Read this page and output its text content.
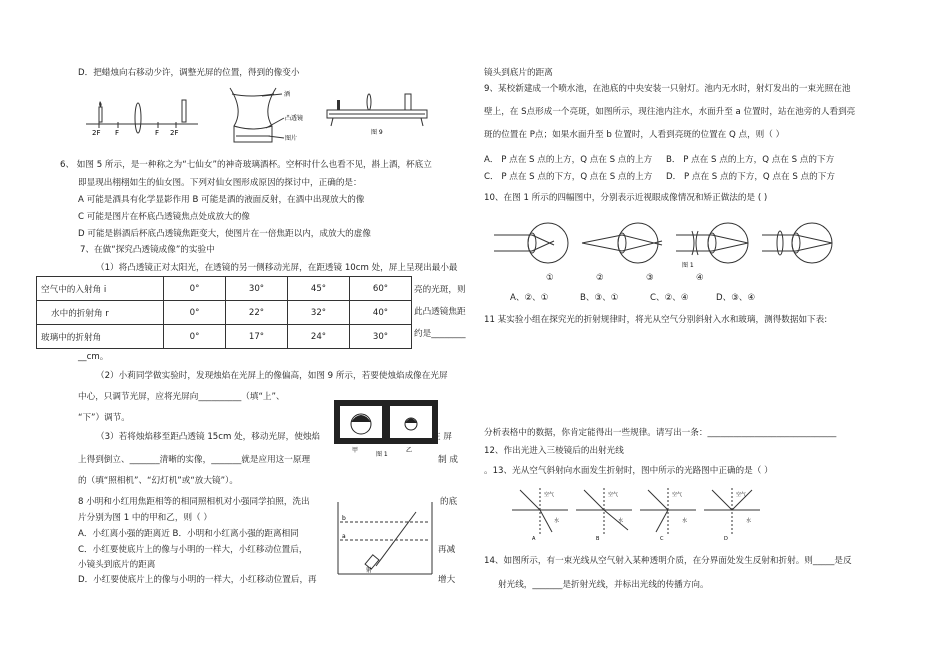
D．把蜡烛向右移动少许，调整光屏的位置，得到的像变小
2F F	F 2F
酒
凸透镜
图片
图 9
6、 如图 5 所示，是一种称之为“七仙女”的神奇玻璃酒杯。空杯时什么也看不见，斟上酒，杯底立
即显现出栩栩如生的仙女图。下列对仙女图形成原因的探讨中，正确的是：
A 可能是酒具有化学显影作用 B 可能是酒的液面反射，在酒中出现放大的像
C 可能是图片在杯底凸透镜焦点处成放大的像
D 可能是斟酒后杯底凸透镜焦距变大，使图片在一倍焦距以内，成放大的虚像
7、在做“探究凸透镜成像”的实验中
（1）将凸透镜正对太阳光，在透镜的另一侧移动光屏，在距透镜 10cm 处，屏上呈现出最小最
空气中的入射角 i	0°	30°	45°	60°
水中的折射角 r	0°	22°	32°	40°
玻璃中的折射角	0°	17°	24°	30°
亮的光斑，则
此凸透镜焦距
约是________
__cm。
（2）小莉同学做实验时，发现烛焰在光屏上的像偏高，如图 9 所示，若要使烛焰成像在光屏
中心，只调节光屏，应将光屏向__________（填“上”、
“下”）调节。
甲	乙
图 1
（3）若将烛焰移至距凸透镜 15cm 处，移动光屏，使烛焰	在 屏
上得到倒立、_______清晰的实像，_______就是应用这一原理	制 成
的（填“照相机”、“幻灯机”或“放大镜”）。
8 小明和小红用焦距相等的相同照相机对小强同学拍照，洗出	的底
片分别为图 1 中的甲和乙，则（ ）
A．小红离小强的距离近 B．小明和小红离小强的距离相同
C．小红要使底片上的像与小明的一样大，小红移动位置后，	再减
小镜头到底片的距离
D．小红要使底片上的像与小明的一样大，小红移动位置后，再	增大
b
a
射
镜头到底片的距离
9、某校新建成一个喷水池，在池底的中央安装一只射灯。池内无水时，射灯发出的一束光照在池
壁上，在 S点形成一个亮斑，如图所示，现往池内注水，水面升至 a 位置时，站在池旁的人看到亮
斑的位置在 P点；如果水面升至 b 位置时，人看到亮斑的位置在 Q 点，则（ ）
A． P 点在 S 点的上方，Q 点在 S 点的上方 B． P 点在 S 点的上方，Q 点在 S 点的下方
C． P 点在 S 点的下方，Q 点在 S 点的上方 D． P 点在 S 点的下方，Q 点在 S 点的下方
10、在图 1 所示的四幅图中，分别表示近视眼成像情况和矫正做法的是 ( )
图 1
①	②	③	④
A、②、①	B、③、①	C、②、④	D、③、④
11 某实验小组在探究光的折射规律时，将光从空气分别斜射入水和玻璃，测得数据如下表:
分析表格中的数据，你肯定能得出一些规律。请写出一条：______________________________
12、作出光进入三棱镜后的出射光线
。13、光从空气斜射向水面发生折射时，图中所示的光路图中正确的是（ ）
空气
水
A
空气
水
B
空气
水
C
空气
水
D
14、如图所示，有一束光线从空气射入某种透明介质，在分界面处发生反射和折射。则_____是反
射光线，_______是折射光线，并标出光线的传播方向。
